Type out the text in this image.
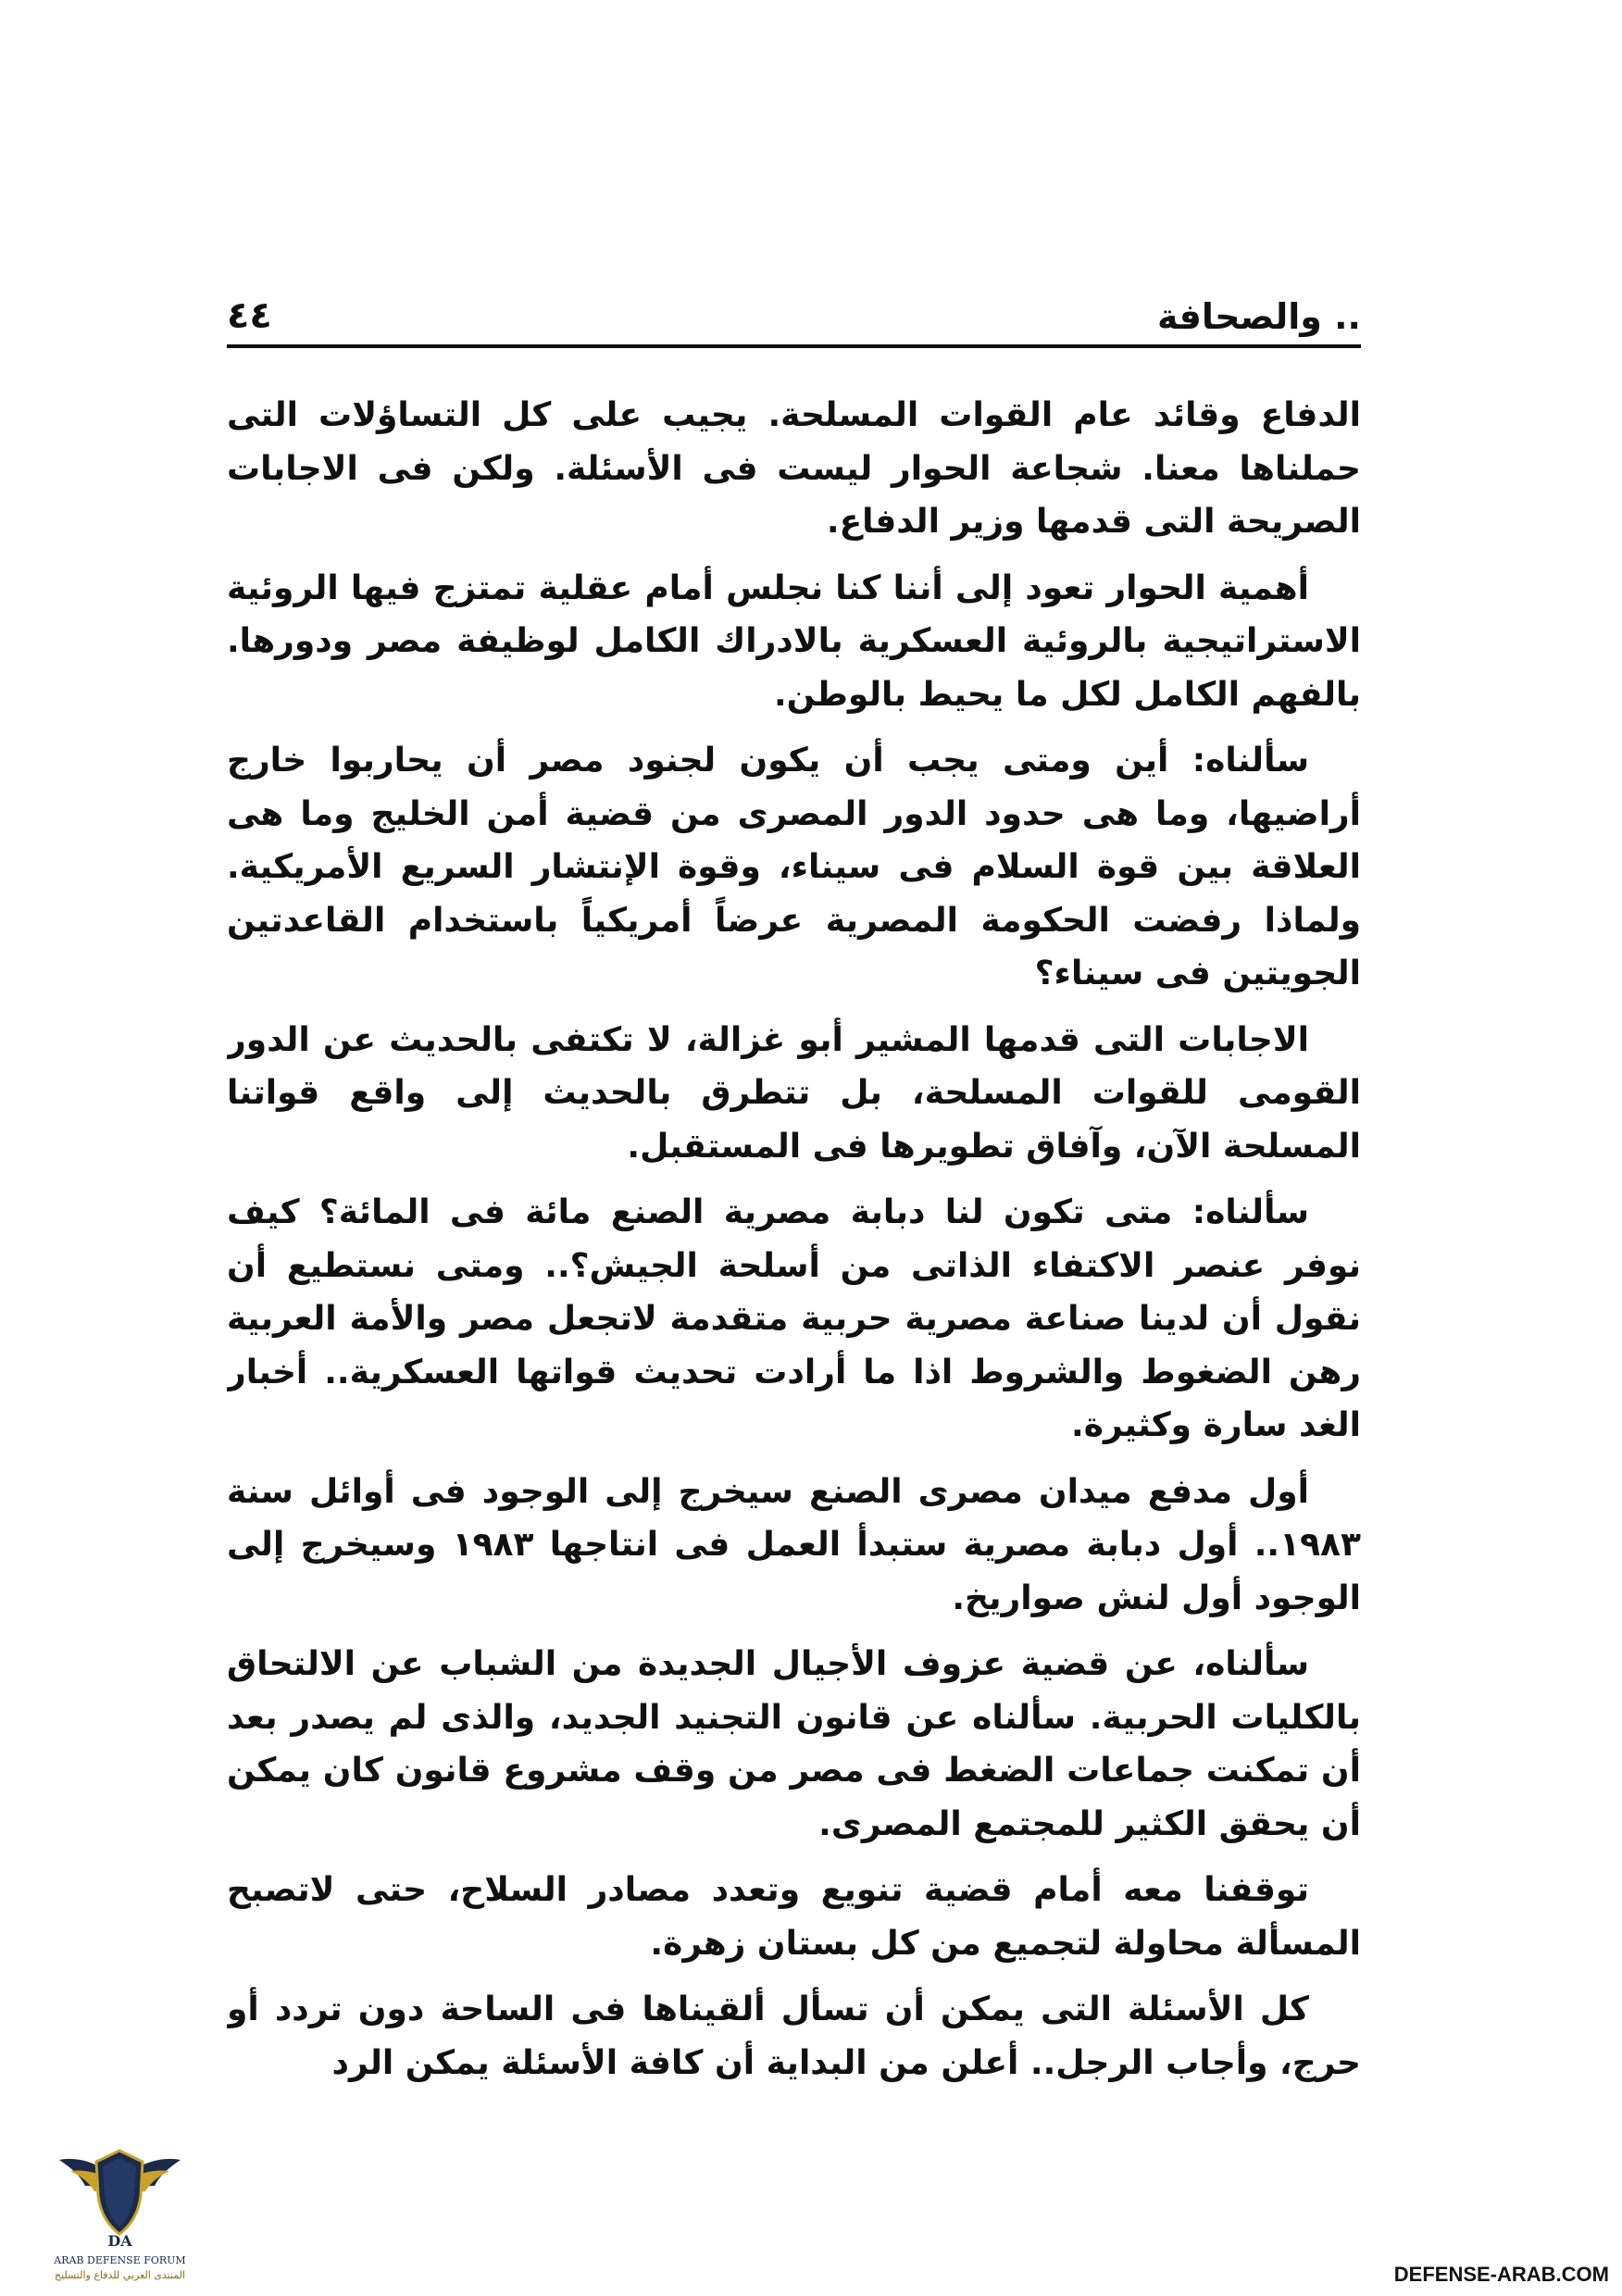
.. والصحافة
٤٤

الدفاع وقائد عام القوات المسلحة. يجيب على كل التساؤلات التى حملناها معنا. شجاعة الحوار ليست فى الأسئلة. ولكن فى الاجابات الصريحة التى قدمها وزير الدفاع.

أهمية الحوار تعود إلى أننا كنا نجلس أمام عقلية تمتزج فيها الروئية الاستراتيجية بالروئية العسكرية بالادراك الكامل لوظيفة مصر ودورها. بالفهم الكامل لكل ما يحيط بالوطن.

سألناه: أين ومتى يجب أن يكون لجنود مصر أن يحاربوا خارج أراضيها، وما هى حدود الدور المصرى من قضية أمن الخليج وما هى العلاقة بين قوة السلام فى سيناء، وقوة الإنتشار السريع الأمريكية. ولماذا رفضت الحكومة المصرية عرضاً أمريكياً باستخدام القاعدتين الجويتين فى سيناء؟

الاجابات التى قدمها المشير أبو غزالة، لا تكتفى بالحديث عن الدور القومى للقوات المسلحة، بل تتطرق بالحديث إلى واقع قواتنا المسلحة الآن، وآفاق تطويرها فى المستقبل.

سألناه: متى تكون لنا دبابة مصرية الصنع مائة فى المائة؟ كيف نوفر عنصر الاكتفاء الذاتى من أسلحة الجيش؟.. ومتى نستطيع أن نقول أن لدينا صناعة مصرية حربية متقدمة لاتجعل مصر والأمة العربية رهن الضغوط والشروط اذا ما أرادت تحديث قواتها العسكرية.. أخبار الغد سارة وكثيرة.

أول مدفع ميدان مصرى الصنع سيخرج إلى الوجود فى أوائل سنة ١٩٨٣.. أول دبابة مصرية ستبدأ العمل فى انتاجها ١٩٨٣ وسيخرج إلى الوجود أول لنش صواريخ.

سألناه، عن قضية عزوف الأجيال الجديدة من الشباب عن الالتحاق بالكليات الحربية. سألناه عن قانون التجنيد الجديد، والذى لم يصدر بعد أن تمكنت جماعات الضغط فى مصر من وقف مشروع قانون كان يمكن أن يحقق الكثير للمجتمع المصرى.

توقفنا معه أمام قضية تنويع وتعدد مصادر السلاح، حتى لاتصبح المسألة محاولة لتجميع من كل بستان زهرة.

كل الأسئلة التى يمكن أن تسأل ألقيناها فى الساحة دون تردد أو حرج، وأجاب الرجل.. أعلن من البداية أن كافة الأسئلة يمكن الرد

DA
ARAB DEFENSE FORUM
المنتدى العربي للدفاع والتسليح	DEFENSE-ARAB.COM
